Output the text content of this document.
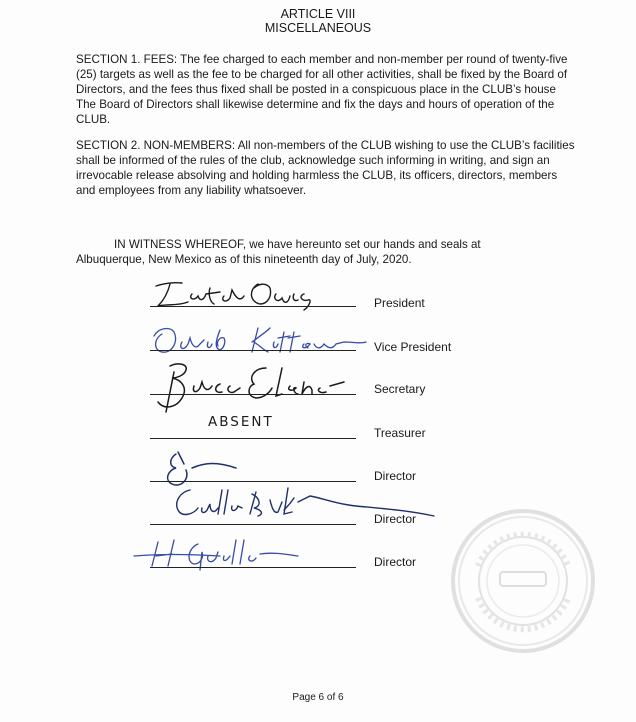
ARTICLE VIII
MISCELLANEOUS
SECTION 1. FEES: The fee charged to each member and non-member per round of twenty-five (25) targets as well as the fee to be charged for all other activities, shall be fixed by the Board of Directors, and the fees thus fixed shall be posted in a conspicuous place in the CLUB’s house The Board of Directors shall likewise determine and fix the days and hours of operation of the CLUB.
SECTION 2. NON-MEMBERS: All non-members of the CLUB wishing to use the CLUB’s facilities shall be informed of the rules of the club, acknowledge such informing in writing, and sign an irrevocable release absolving and holding harmless the CLUB, its officers, directors, members and employees from any liability whatsoever.
IN WITNESS WHEREOF, we have hereunto set our hands and seals at
Albuquerque, New Mexico as of this nineteenth day of July, 2020.
President
Vice President
Secretary
ABSENT
Treasurer
Director
Director
Director
Page 6 of 6
